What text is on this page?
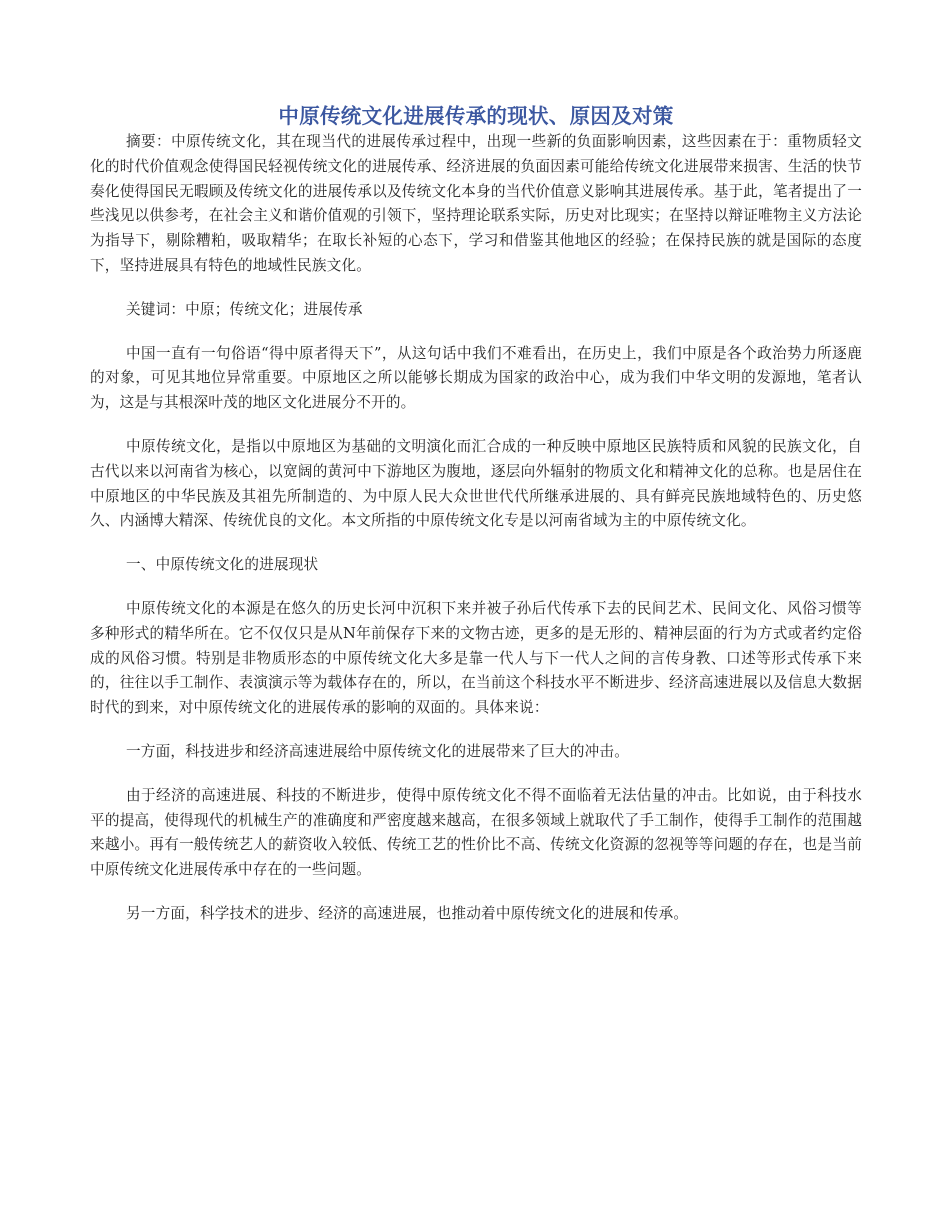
中原传统文化进展传承的现状、原因及对策

摘要：中原传统文化，其在现当代的进展传承过程中，出现一些新的负面影响因素，这些因素在于：重物质轻文化的时代价值观念使得国民轻视传统文化的进展传承、经济进展的负面因素可能给传统文化进展带来损害、生活的快节奏化使得国民无暇顾及传统文化的进展传承以及传统文化本身的当代价值意义影响其进展传承。基于此，笔者提出了一些浅见以供参考，在社会主义和谐价值观的引领下，坚持理论联系实际，历史对比现实；在坚持以辩证唯物主义方法论为指导下，剔除糟粕，吸取精华；在取长补短的心态下，学习和借鉴其他地区的经验；在保持民族的就是国际的态度下，坚持进展具有特色的地域性民族文化。

关键词：中原；传统文化；进展传承

中国一直有一句俗语“得中原者得天下”，从这句话中我们不难看出，在历史上，我们中原是各个政治势力所逐鹿的对象，可见其地位异常重要。中原地区之所以能够长期成为国家的政治中心，成为我们中华文明的发源地，笔者认为，这是与其根深叶茂的地区文化进展分不开的。

中原传统文化，是指以中原地区为基础的文明演化而汇合成的一种反映中原地区民族特质和风貌的民族文化，自古代以来以河南省为核心，以宽阔的黄河中下游地区为腹地，逐层向外辐射的物质文化和精神文化的总称。也是居住在中原地区的中华民族及其祖先所制造的、为中原人民大众世世代代所继承进展的、具有鲜亮民族地域特色的、历史悠久、内涵博大精深、传统优良的文化。本文所指的中原传统文化专是以河南省域为主的中原传统文化。

一、中原传统文化的进展现状

中原传统文化的本源是在悠久的历史长河中沉积下来并被子孙后代传承下去的民间艺术、民间文化、风俗习惯等多种形式的精华所在。它不仅仅只是从N年前保存下来的文物古迹，更多的是无形的、精神层面的行为方式或者约定俗成的风俗习惯。特别是非物质形态的中原传统文化大多是靠一代人与下一代人之间的言传身教、口述等形式传承下来的，往往以手工制作、表演演示等为载体存在的，所以，在当前这个科技水平不断进步、经济高速进展以及信息大数据时代的到来，对中原传统文化的进展传承的影响的双面的。具体来说：

一方面，科技进步和经济高速进展给中原传统文化的进展带来了巨大的冲击。

由于经济的高速进展、科技的不断进步，使得中原传统文化不得不面临着无法估量的冲击。比如说，由于科技水平的提高，使得现代的机械生产的准确度和严密度越来越高，在很多领域上就取代了手工制作，使得手工制作的范围越来越小。再有一般传统艺人的薪资收入较低、传统工艺的性价比不高、传统文化资源的忽视等等问题的存在，也是当前中原传统文化进展传承中存在的一些问题。

另一方面，科学技术的进步、经济的高速进展，也推动着中原传统文化的进展和传承。
